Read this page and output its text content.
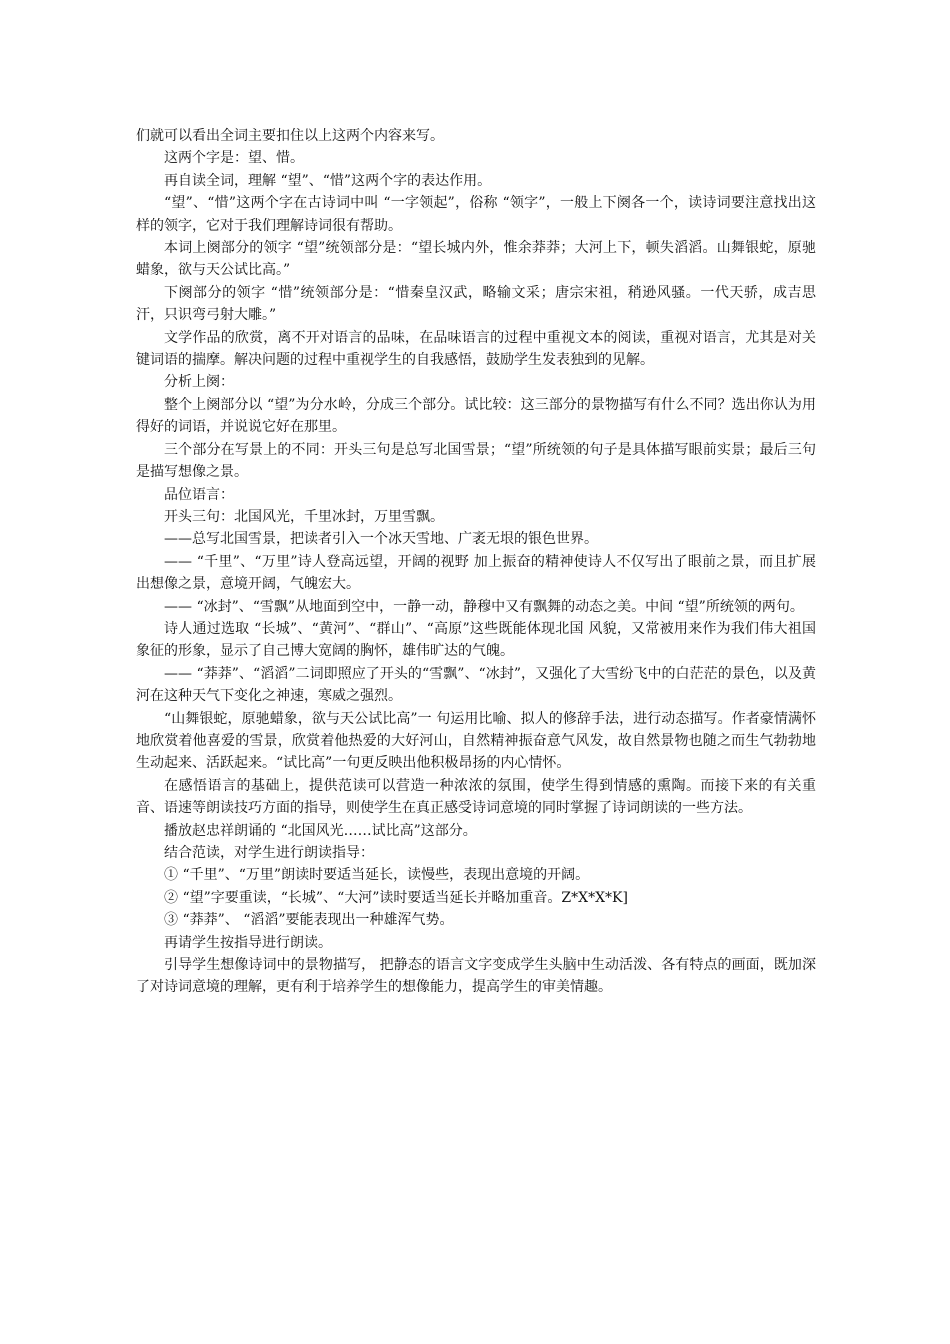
们就可以看出全词主要扣住以上这两个内容来写。

这两个字是：望、惜。

再自读全词，理解 “望”、“惜”这两个字的表达作用。

“望”、“惜”这两个字在古诗词中叫 “一字领起”，俗称 “领字”，一般上下阕各一个，读诗词要注意找出这样的领字，它对于我们理解诗词很有帮助。

本词上阕部分的领字 “望”统领部分是：“望长城内外，惟余莽莽；大河上下，顿失滔滔。山舞银蛇，原驰蜡象，欲与天公试比高。”

下阕部分的领字 “惜”统领部分是：“惜秦皇汉武，略输文采；唐宗宋祖，稍逊风骚。一代天骄，成吉思汗，只识弯弓射大雕。”

文学作品的欣赏，离不开对语言的品味，在品味语言的过程中重视文本的阅读，重视对语言，尤其是对关键词语的揣摩。解决问题的过程中重视学生的自我感悟，鼓励学生发表独到的见解。

分析上阕：

整个上阕部分以 “望”为分水岭，分成三个部分。试比较：这三部分的景物描写有什么不同？选出你认为用得好的词语，并说说它好在那里。

三个部分在写景上的不同：开头三句是总写北国雪景；“望”所统领的句子是具体描写眼前实景；最后三句是描写想像之景。

品位语言：

开头三句：北国风光，千里冰封，万里雪飘。

——总写北国雪景，把读者引入一个冰天雪地、广袤无垠的银色世界。

—— “千里”、“万里”诗人登高远望，开阔的视野 加上振奋的精神使诗人不仅写出了眼前之景，而且扩展出想像之景，意境开阔，气魄宏大。

—— “冰封”、“雪飘”从地面到空中，一静一动，静穆中又有飘舞的动态之美。中间 “望”所统领的两句。

诗人通过选取 “长城”、“黄河”、“群山”、“高原”这些既能体现北国 风貌，又常被用来作为我们伟大祖国象征的形象，显示了自己博大宽阔的胸怀，雄伟旷达的气魄。

—— “莽莽”、“滔滔”二词即照应了开头的“雪飘”、“冰封”，又强化了大雪纷飞中的白茫茫的景色，以及黄河在这种天气下变化之神速，寒威之强烈。

“山舞银蛇，原驰蜡象，欲与天公试比高”一 句运用比喻、拟人的修辞手法，进行动态描写。作者豪情满怀地欣赏着他喜爱的雪景，欣赏着他热爱的大好河山，自然精神振奋意气风发，故自然景物也随之而生气勃勃地生动起来、活跃起来。“试比高”一句更反映出他积极昂扬的内心情怀。

在感悟语言的基础上，提供范读可以营造一种浓浓的氛围，使学生得到情感的熏陶。而接下来的有关重音、语速等朗读技巧方面的指导，则使学生在真正感受诗词意境的同时掌握了诗词朗读的一些方法。

播放赵忠祥朗诵的 “北国风光……试比高”这部分。

结合范读，对学生进行朗读指导：

① “千里”、“万里”朗读时要适当延长，读慢些，表现出意境的开阔。

② “望”字要重读，“长城”、“大河”读时要适当延长并略加重音。Z*X*X*K]

③ “莽莽”、 “滔滔”要能表现出一种雄浑气势。

再请学生按指导进行朗读。

引导学生想像诗词中的景物描写， 把静态的语言文字变成学生头脑中生动活泼、各有特点的画面，既加深了对诗词意境的理解，更有利于培养学生的想像能力，提高学生的审美情趣。
